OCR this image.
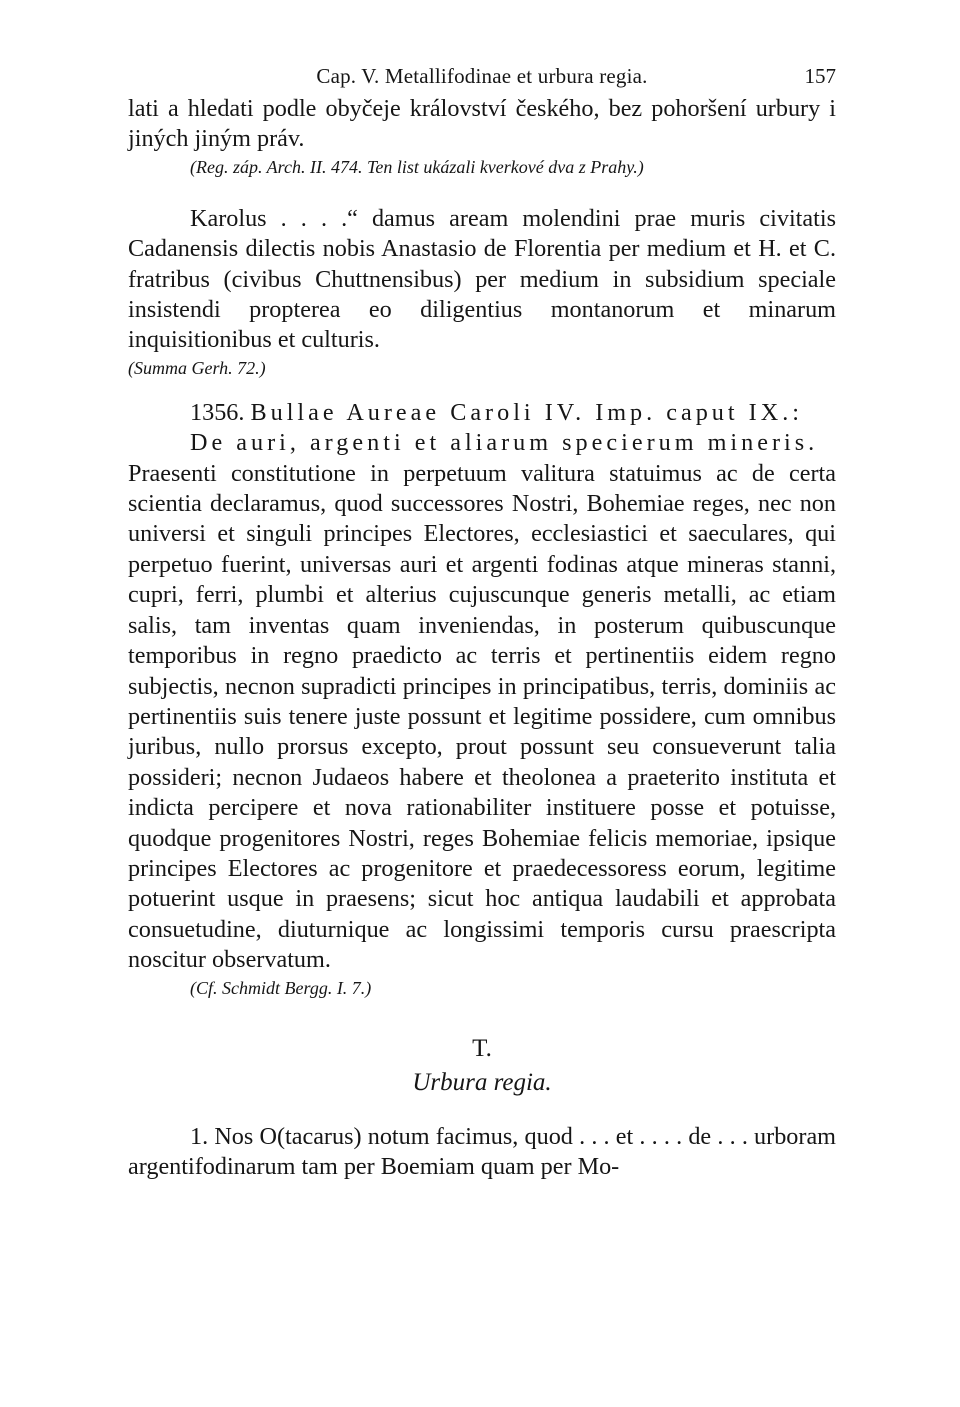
Cap. V. Metallifodinae et urbura regia.	157
lati a hledati podle obyčeje království českého, bez pohoršení urbury i jiných jiným práv.
(Reg. záp. Arch. II. 474. Ten list ukázali kverkové dva z Prahy.)
Karolus . . . .“ damus aream molendini prae muris civitatis Cadanensis dilectis nobis Anastasio de Florentia per medium et H. et C. fratribus (civibus Chuttnensibus) per medium in subsidium speciale insistendi propterea eo diligentius montanorum et minarum inquisitionibus et culturis.
(Summa Gerh. 72.)
1356. Bullae Aureae Caroli IV. Imp. caput IX.:
De auri, argenti et aliarum specierum mineris.
Praesenti constitutione in perpetuum valitura statuimus ac de certa scientia declaramus, quod successores Nostri, Bohemiae reges, nec non universi et singuli principes Electores, ecclesiastici et saeculares, qui perpetuo fuerint, universas auri et argenti fodinas atque mineras stanni, cupri, ferri, plumbi et alterius cujuscunque generis metalli, ac etiam salis, tam inventas quam inveniendas, in posterum quibuscunque temporibus in regno praedicto ac terris et pertinentiis eidem regno subjectis, necnon supradicti principes in principatibus, terris, dominiis ac pertinentiis suis tenere juste possunt et legitime possidere, cum omnibus juribus, nullo prorsus excepto, prout possunt seu consueverunt talia possideri; necnon Judaeos habere et theolonea a praeterito instituta et indicta percipere et nova rationabiliter instituere posse et potuisse, quodque progenitores Nostri, reges Bohemiae felicis memoriae, ipsique principes Electores ac progenitore et praedecessoress eorum, legitime potuerint usque in praesens; sicut hoc antiqua laudabili et approbata consuetudine, diuturnique ac longissimi temporis cursu praescripta noscitur observatum.
(Cf. Schmidt Bergg. I. 7.)
T.
Urbura regia.
1. Nos O(tacarus) notum facimus, quod . . . et . . . . de . . . urboram argentifodinarum tam per Boemiam quam per Mo-
